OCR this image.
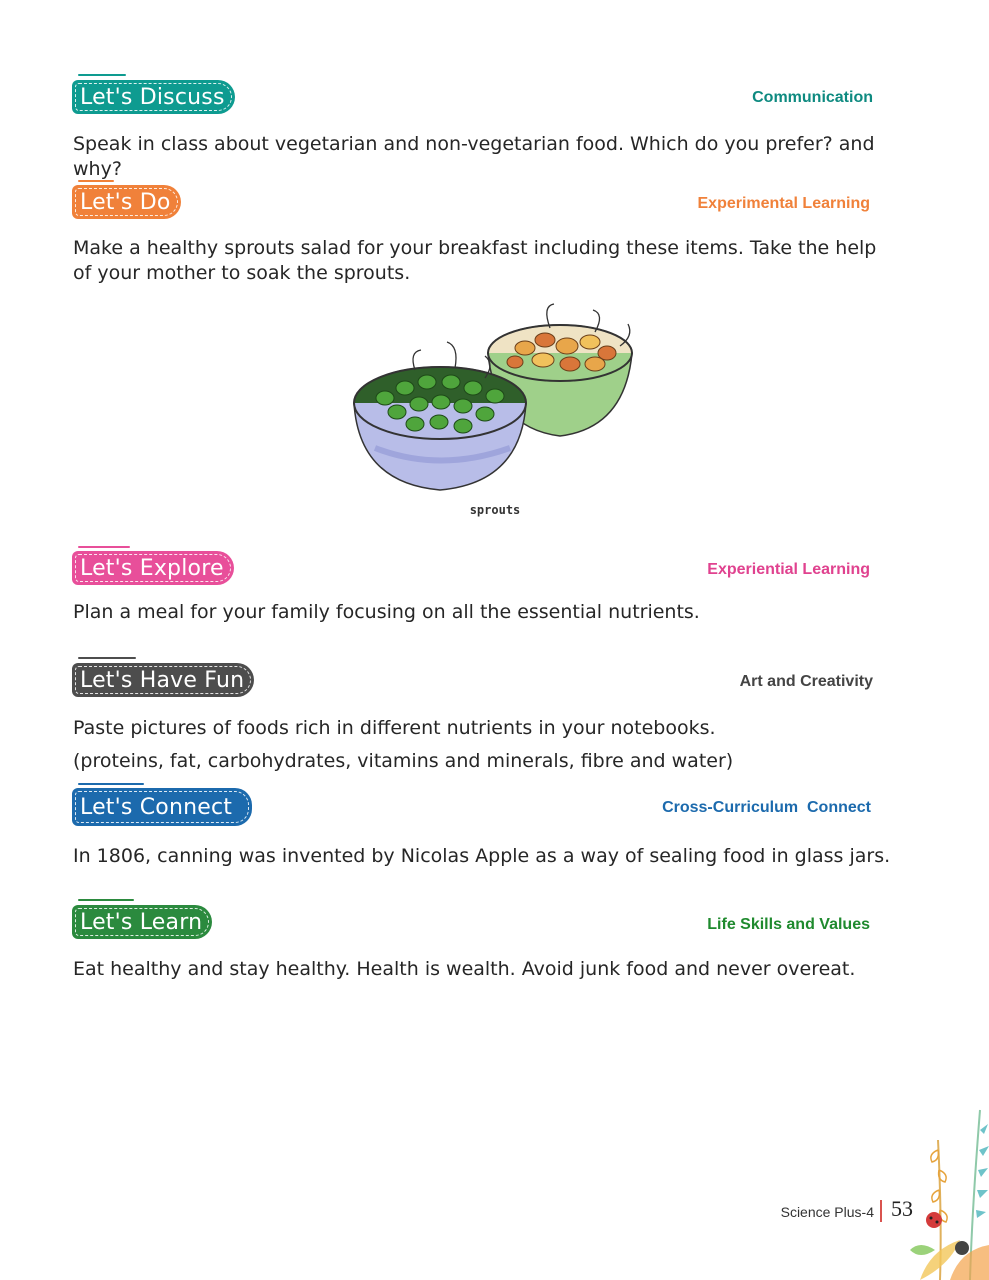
Let's Discuss	Communication

Speak in class about vegetarian and non-vegetarian food. Which do you prefer? and why?

Let's Do	Experimental Learning

Make a healthy sprouts salad for your breakfast including these items. Take the help of your mother to soak the sprouts.

sprouts
Let's Explore	Experiential Learning

Plan a meal for your family focusing on all the essential nutrients.

Let's Have Fun	Art and Creativity

Paste pictures of foods rich in different nutrients in your notebooks.

(proteins, fat, carbohydrates, vitamins and minerals, fibre and water)

Let's Connect	Cross-Curriculum  Connect

In 1806, canning was invented by Nicolas Apple as a way of sealing food in glass jars.

Let's Learn	Life Skills and Values

Eat healthy and stay healthy. Health is wealth. Avoid junk food and never overeat.

Science Plus-4 53
